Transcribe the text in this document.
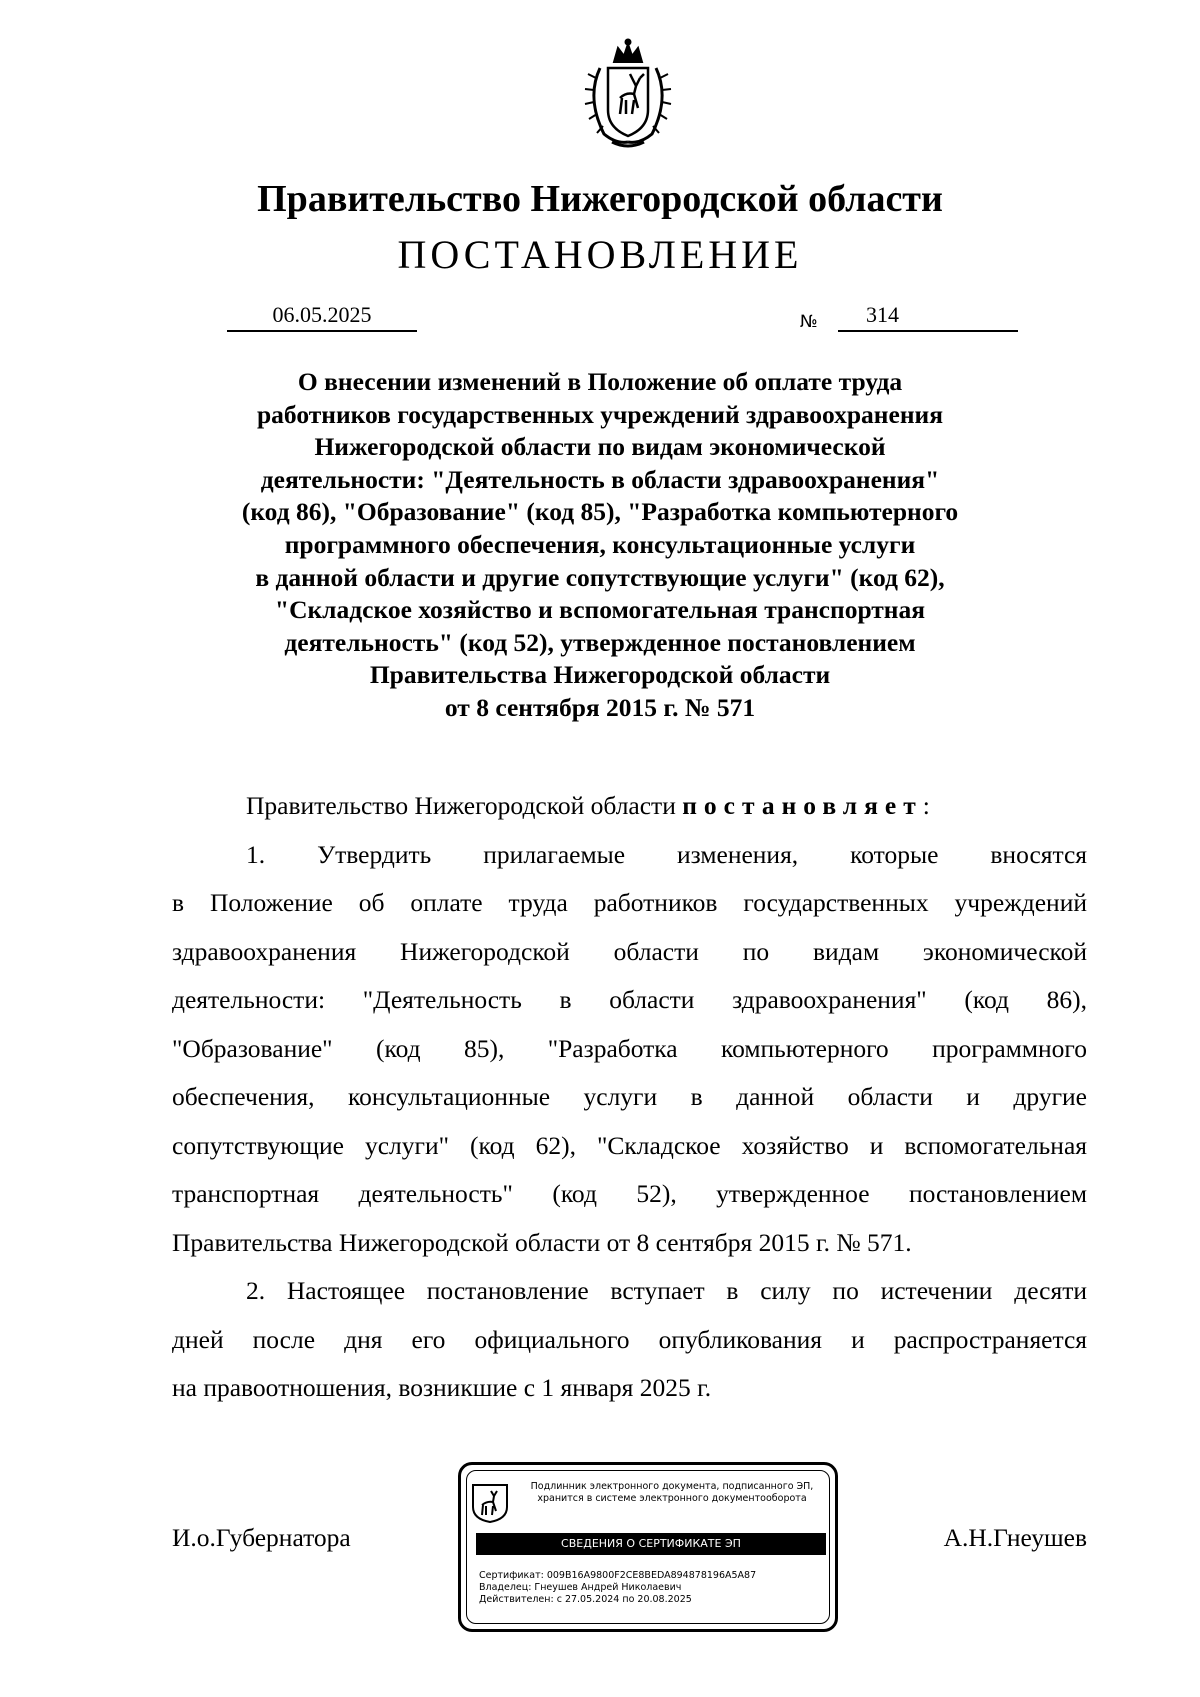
Правительство Нижегородской области
ПОСТАНОВЛЕНИЕ
06.05.2025	№	314
О внесении изменений в Положение об оплате труда
работников государственных учреждений здравоохранения
Нижегородской области по видам экономической
деятельности: "Деятельность в области здравоохранения"
(код 86), "Образование" (код 85), "Разработка компьютерного
программного обеспечения, консультационные услуги
в данной области и другие сопутствующие услуги" (код 62),
"Складское хозяйство и вспомогательная транспортная
деятельность" (код 52), утвержденное постановлением
Правительства Нижегородской области
от 8 сентября 2015 г. № 571
Правительство Нижегородской области постановляет:
1. Утвердить прилагаемые изменения, которые вносятся
в Положение об оплате труда работников государственных учреждений
здравоохранения Нижегородской области по видам экономической
деятельности: "Деятельность в области здравоохранения" (код 86),
"Образование" (код 85), "Разработка компьютерного программного
обеспечения, консультационные услуги в данной области и другие
сопутствующие услуги" (код 62), "Складское хозяйство и вспомогательная
транспортная деятельность" (код 52), утвержденное постановлением
Правительства Нижегородской области от 8 сентября 2015 г. № 571.
2. Настоящее постановление вступает в силу по истечении десяти
дней после дня его официального опубликования и распространяется
на правоотношения, возникшие с 1 января 2025 г.
И.о.Губернатора	А.Н.Гнеушев
Подлинник электронного документа, подписанного ЭП,
хранится в системе электронного документооборота
СВЕДЕНИЯ О СЕРТИФИКАТЕ ЭП
Сертификат: 009B16A9800F2CE8BEDA894878196A5A87
Владелец: Гнеушев Андрей Николаевич
Действителен: с 27.05.2024 по 20.08.2025
